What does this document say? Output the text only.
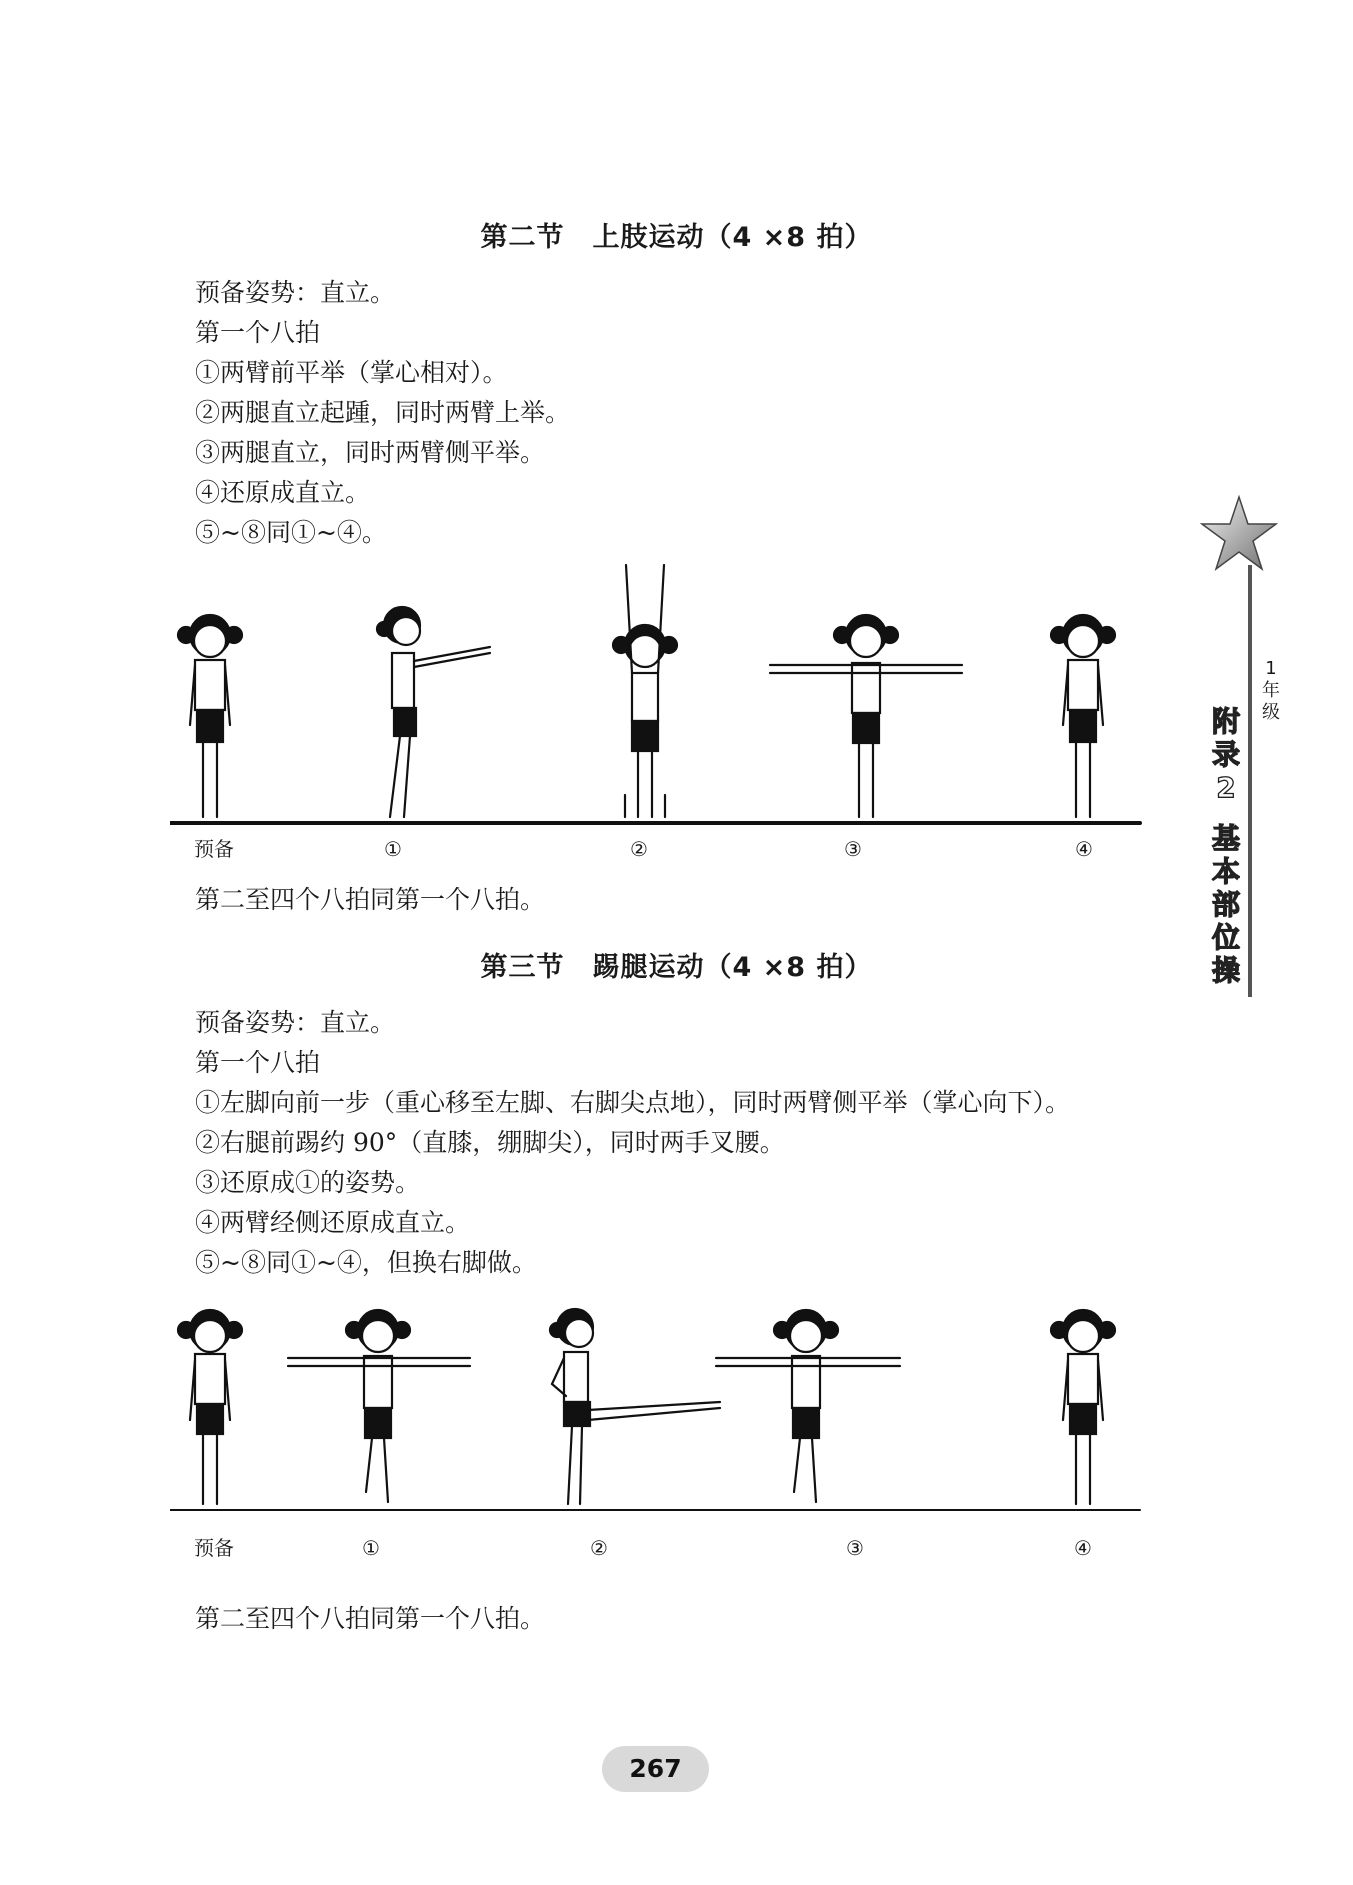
第二节　上肢运动（4 ×8 拍）
预备姿势：直立。
第一个八拍
①两臂前平举（掌心相对）。
②两腿直立起踵，同时两臂上举。
③两腿直立，同时两臂侧平举。
④还原成直立。
⑤~⑧同①~④。
预备	①	②	③	④
第二至四个八拍同第一个八拍。
第三节　踢腿运动（4 ×8 拍）
预备姿势：直立。
第一个八拍
①左脚向前一步（重心移至左脚、右脚尖点地），同时两臂侧平举（掌心向下）。
②右腿前踢约 90°（直膝，绷脚尖），同时两手叉腰。
③还原成①的姿势。
④两臂经侧还原成直立。
⑤~⑧同①~④，但换右脚做。
预备	①	②	③	④
第二至四个八拍同第一个八拍。
1
年
级
附
录
2
基
本
部
位
操
267
